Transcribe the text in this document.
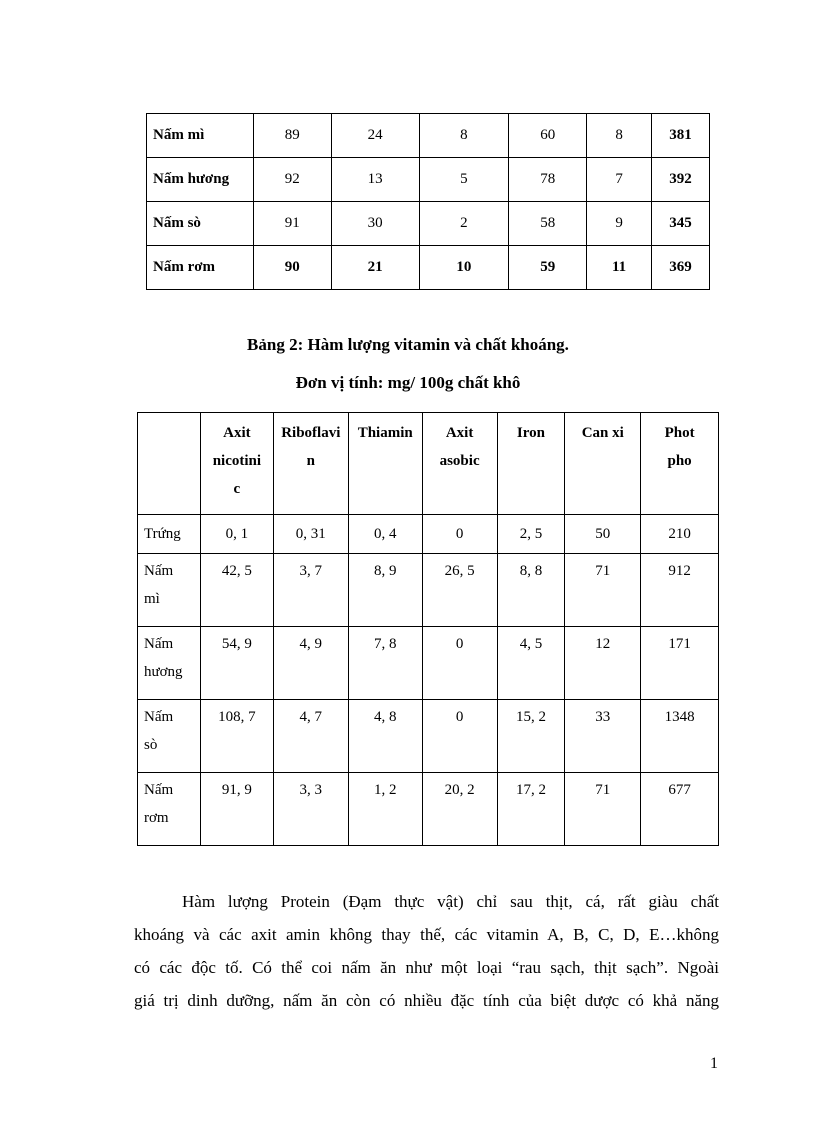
Nấm mì	89	24	8	60	8	381
Nấm hương	92	13	5	78	7	392
Nấm sò	91	30	2	58	9	345
Nấm rơm	90	21	10	59	11	369
Bảng 2: Hàm lượng vitamin và chất khoáng.
Đơn vị tính: mg/ 100g chất khô

	Axit
nicotini
c	Riboflavi
n	Thiamin	Axit
asobic	Iron	Can xi	Phot
pho

Trứng	0, 1	0, 31	0, 4	0	2, 5	50	210

Nấm
mì	42, 5	3, 7	8, 9	26, 5	8, 8	71	912

Nấm
hương	54, 9	4, 9	7, 8	0	4, 5	12	171

Nấm
sò	108, 7	4, 7	4, 8	0	15, 2	33	1348

Nấm
rơm	91, 9	3, 3	1, 2	20, 2	17, 2	71	677
Hàm lượng Protein (Đạm thực vật) chỉ sau thịt, cá, rất giàu chất
khoáng và các axit amin không thay thế, các vitamin A, B, C, D, E…không
có các độc tố. Có thể coi nấm ăn như một loại “rau sạch, thịt sạch”. Ngoài
giá trị dinh dưỡng, nấm ăn còn có nhiều đặc tính của biệt dược có khả năng
1
